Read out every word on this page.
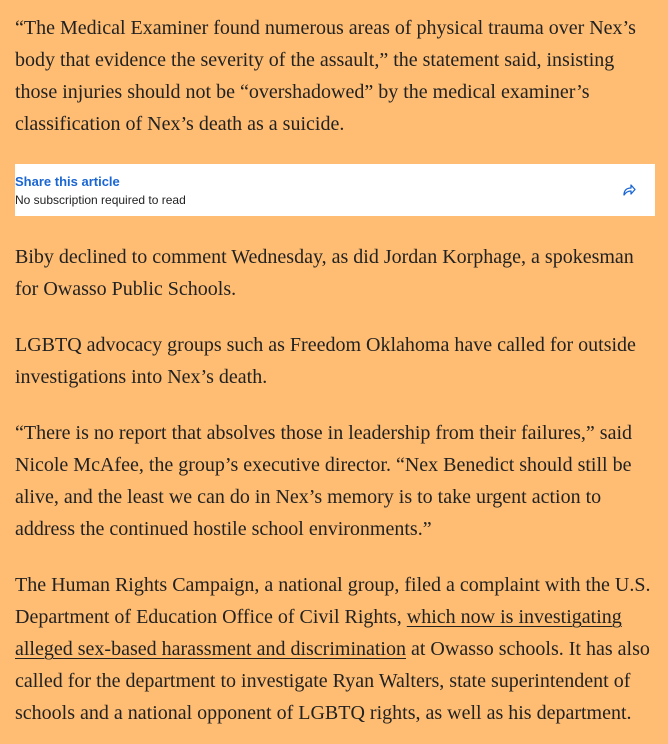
“The Medical Examiner found numerous areas of physical trauma over Nex’s body that evidence the severity of the assault,” the statement said, insisting those injuries should not be “overshadowed” by the medical examiner’s classification of Nex’s death as a suicide.

Share this article
No subscription required to read

Biby declined to comment Wednesday, as did Jordan Korphage, a spokesman for Owasso Public Schools.

LGBTQ advocacy groups such as Freedom Oklahoma have called for outside investigations into Nex’s death.

“There is no report that absolves those in leadership from their failures,” said Nicole McAfee, the group’s executive director. “Nex Benedict should still be alive, and the least we can do in Nex’s memory is to take urgent action to address the continued hostile school environments.”

The Human Rights Campaign, a national group, filed a complaint with the U.S. Department of Education Office of Civil Rights, which now is investigating alleged sex-based harassment and discrimination at Owasso schools. It has also called for the department to investigate Ryan Walters, state superintendent of schools and a national opponent of LGBTQ rights, as well as his department.
